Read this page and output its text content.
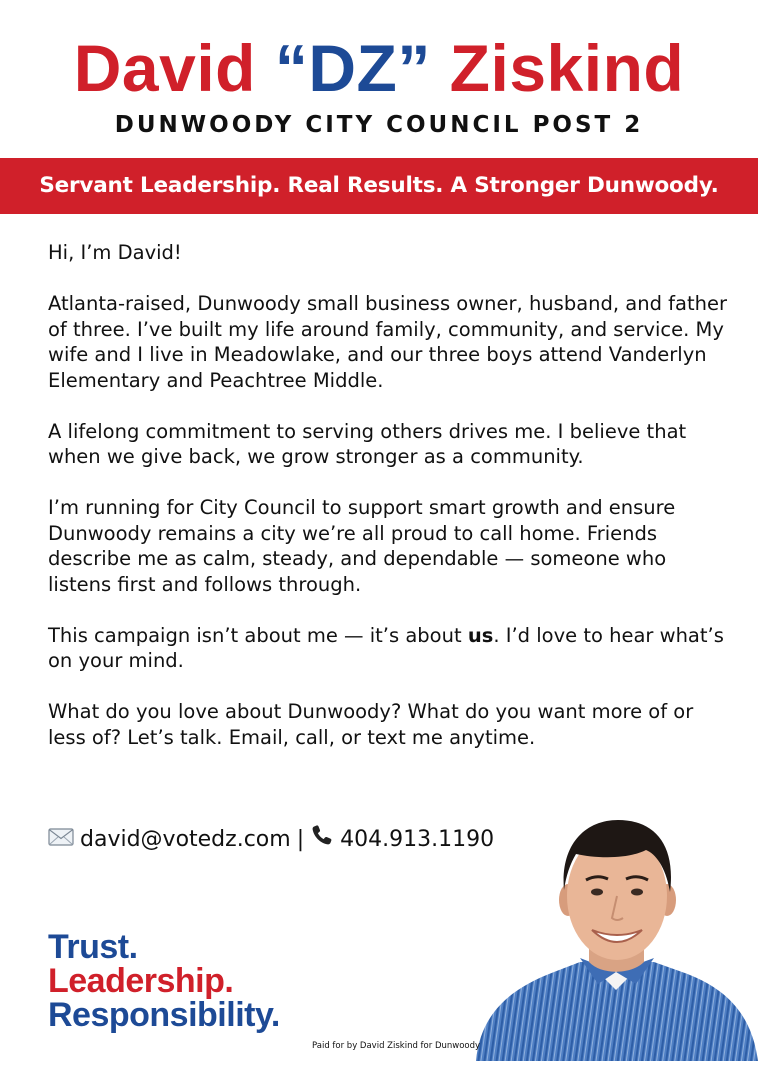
David “DZ” Ziskind
DUNWOODY CITY COUNCIL POST 2
Servant Leadership. Real Results. A Stronger Dunwoody.

Hi, I’m David!

Atlanta-raised, Dunwoody small business owner, husband, and father of three. I’ve built my life around family, community, and service. My wife and I live in Meadowlake, and our three boys attend Vanderlyn Elementary and Peachtree Middle.

A lifelong commitment to serving others drives me. I believe that when we give back, we grow stronger as a community.

I’m running for City Council to support smart growth and ensure Dunwoody remains a city we’re all proud to call home. Friends describe me as calm, steady, and dependable — someone who listens first and follows through.

This campaign isn’t about me — it’s about us. I’d love to hear what’s on your mind.

What do you love about Dunwoody? What do you want more of or less of? Let’s talk. Email, call, or text me anytime.

david@votedz.com | 404.913.1190
Trust.
Leadership.
Responsibility.
Paid for by David Ziskind for Dunwoody
